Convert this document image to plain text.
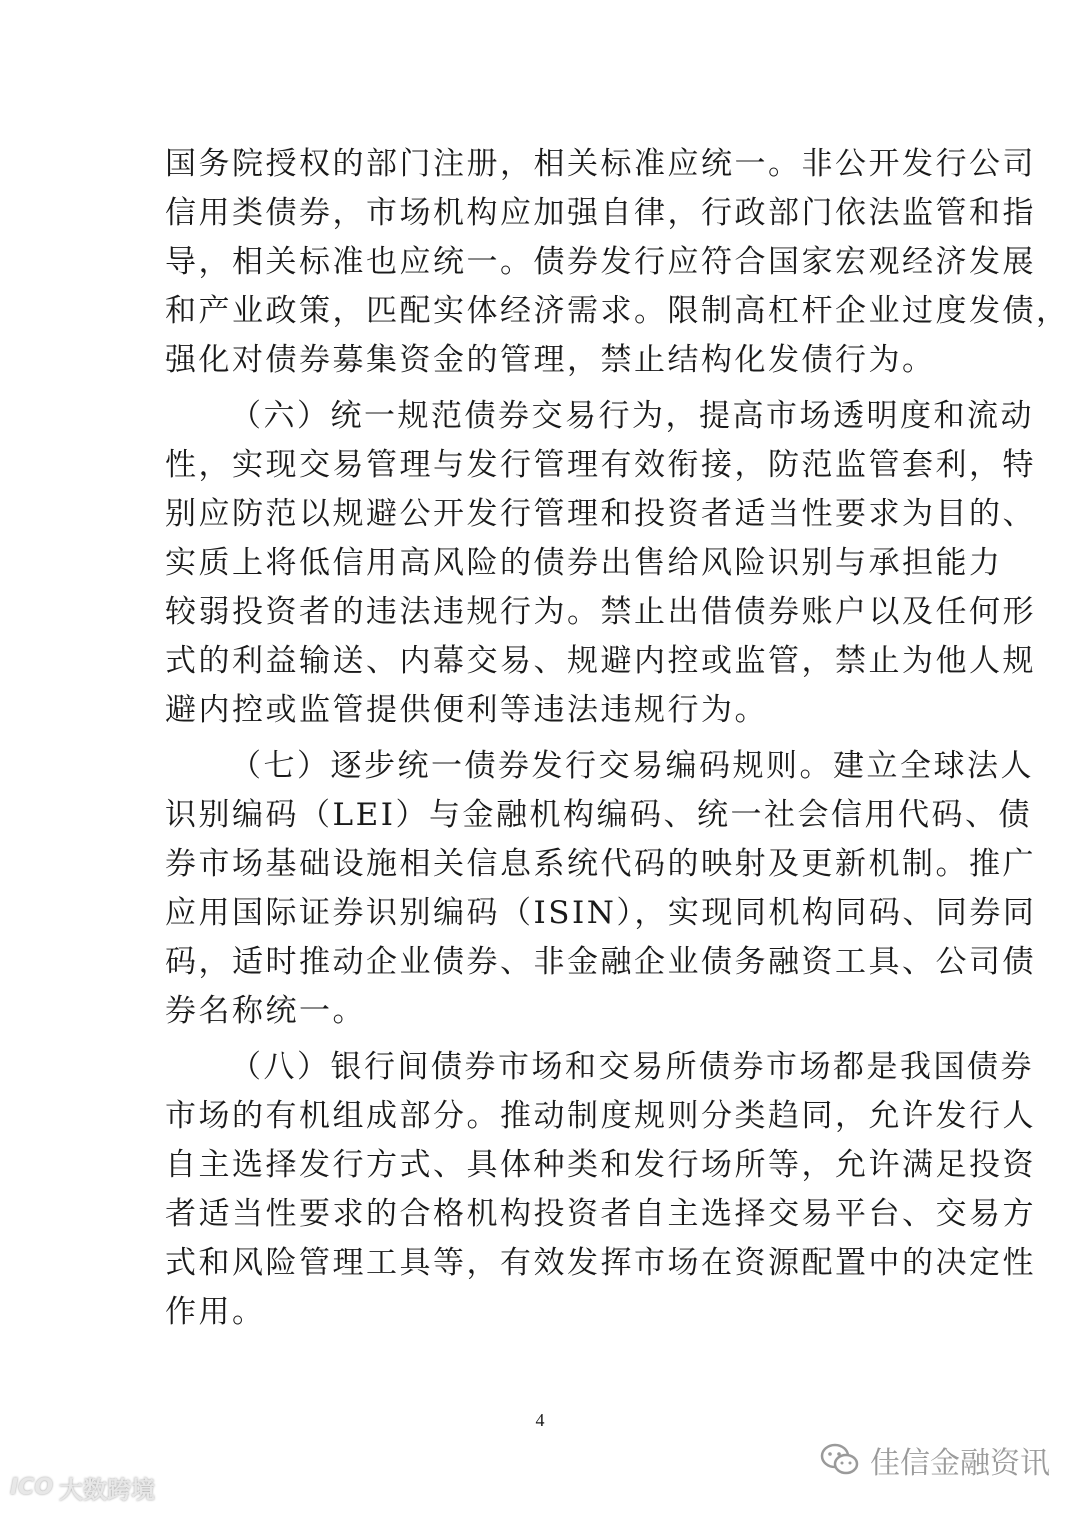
国务院授权的部门注册，相关标准应统一。非公开发行公司
信用类债券，市场机构应加强自律，行政部门依法监管和指
导，相关标准也应统一。债券发行应符合国家宏观经济发展
和产业政策，匹配实体经济需求。限制高杠杆企业过度发债，
强化对债券募集资金的管理，禁止结构化发债行为。
（六）统一规范债券交易行为，提高市场透明度和流动
性，实现交易管理与发行管理有效衔接，防范监管套利，特
别应防范以规避公开发行管理和投资者适当性要求为目的、
实质上将低信用高风险的债券出售给风险识别与承担能力
较弱投资者的违法违规行为。禁止出借债券账户以及任何形
式的利益输送、内幕交易、规避内控或监管，禁止为他人规
避内控或监管提供便利等违法违规行为。
（七）逐步统一债券发行交易编码规则。建立全球法人
识别编码（LEI）与金融机构编码、统一社会信用代码、债
券市场基础设施相关信息系统代码的映射及更新机制。推广
应用国际证券识别编码（ISIN），实现同机构同码、同券同
码，适时推动企业债券、非金融企业债务融资工具、公司债
券名称统一。
（八）银行间债券市场和交易所债券市场都是我国债券
市场的有机组成部分。推动制度规则分类趋同，允许发行人
自主选择发行方式、具体种类和发行场所等，允许满足投资
者适当性要求的合格机构投资者自主选择交易平台、交易方
式和风险管理工具等，有效发挥市场在资源配置中的决定性
作用。
4
ICO 大数跨境
佳信金融资讯
